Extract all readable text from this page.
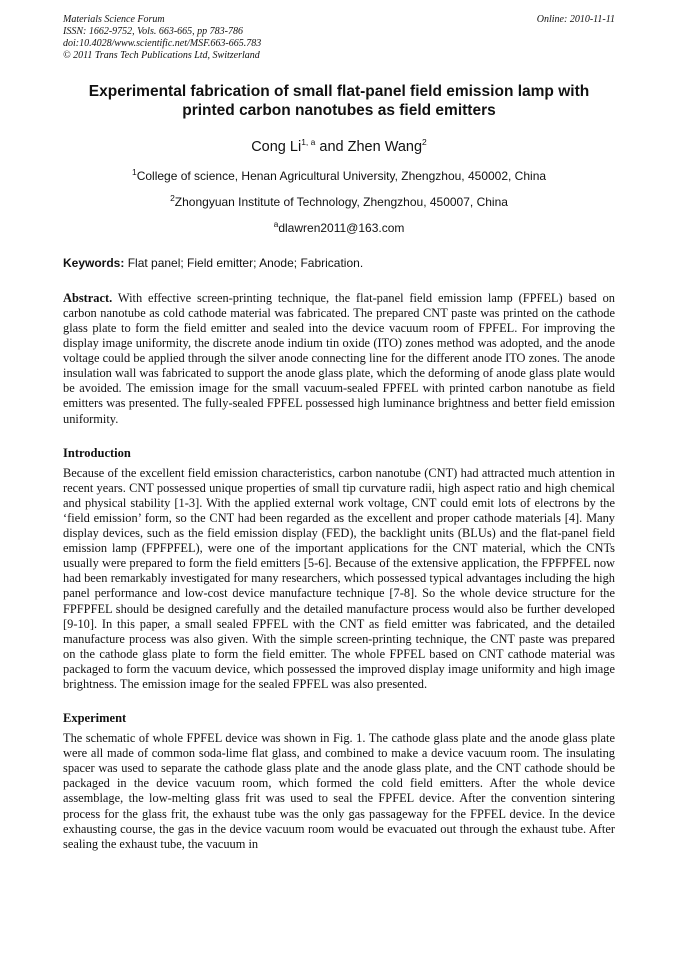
Materials Science Forum
ISSN: 1662-9752, Vols. 663-665, pp 783-786
doi:10.4028/www.scientific.net/MSF.663-665.783
© 2011 Trans Tech Publications Ltd, Switzerland
Online: 2010-11-11
Experimental fabrication of small flat-panel field emission lamp with
printed carbon nanotubes as field emitters
Cong Li$^{1, a}$ and Zhen Wang$^2$
$^1$College of science, Henan Agricultural University, Zhengzhou, 450002, China
$^2$Zhongyuan Institute of Technology, Zhengzhou, 450007, China
$^a$dlawren2011@163.com
Keywords: Flat panel; Field emitter; Anode; Fabrication.
Abstract. With effective screen-printing technique, the flat-panel field emission lamp (FPFEL) based on carbon nanotube as cold cathode material was fabricated. The prepared CNT paste was printed on the cathode glass plate to form the field emitter and sealed into the device vacuum room of FPFEL. For improving the display image uniformity, the discrete anode indium tin oxide (ITO) zones method was adopted, and the anode voltage could be applied through the silver anode connecting line for the different anode ITO zones. The anode insulation wall was fabricated to support the anode glass plate, which the deforming of anode glass plate would be avoided. The emission image for the small vacuum-sealed FPFEL with printed carbon nanotube as field emitters was presented. The fully-sealed FPFEL possessed high luminance brightness and better field emission uniformity.
Introduction
Because of the excellent field emission characteristics, carbon nanotube (CNT) had attracted much attention in recent years. CNT possessed unique properties of small tip curvature radii, high aspect ratio and high chemical and physical stability [1-3]. With the applied external work voltage, CNT could emit lots of electrons by the ‘field emission’ form, so the CNT had been regarded as the excellent and proper cathode materials [4]. Many display devices, such as the field emission display (FED), the backlight units (BLUs) and the flat-panel field emission lamp (FPFPFEL), were one of the important applications for the CNT material, which the CNTs usually were prepared to form the field emitters [5-6]. Because of the extensive application, the FPFPFEL now had been remarkably investigated for many researchers, which possessed typical advantages including the high panel performance and low-cost device manufacture technique [7-8]. So the whole device structure for the FPFPFEL should be designed carefully and the detailed manufacture process would also be further developed [9-10]. In this paper, a small sealed FPFEL with the CNT as field emitter was fabricated, and the detailed manufacture process was also given. With the simple screen-printing technique, the CNT paste was prepared on the cathode glass plate to form the field emitter. The whole FPFEL based on CNT cathode material was packaged to form the vacuum device, which possessed the improved display image uniformity and high image brightness. The emission image for the sealed FPFEL was also presented.
Experiment
The schematic of whole FPFEL device was shown in Fig. 1. The cathode glass plate and the anode glass plate were all made of common soda-lime flat glass, and combined to make a device vacuum room. The insulating spacer was used to separate the cathode glass plate and the anode glass plate, and the CNT cathode should be packaged in the device vacuum room, which formed the cold field emitters. After the whole device assemblage, the low-melting glass frit was used to seal the FPFEL device. After the convention sintering process for the glass frit, the exhaust tube was the only gas passageway for the FPFEL device. In the device exhausting course, the gas in the device vacuum room would be evacuated out through the exhaust tube. After sealing the exhaust tube, the vacuum in
